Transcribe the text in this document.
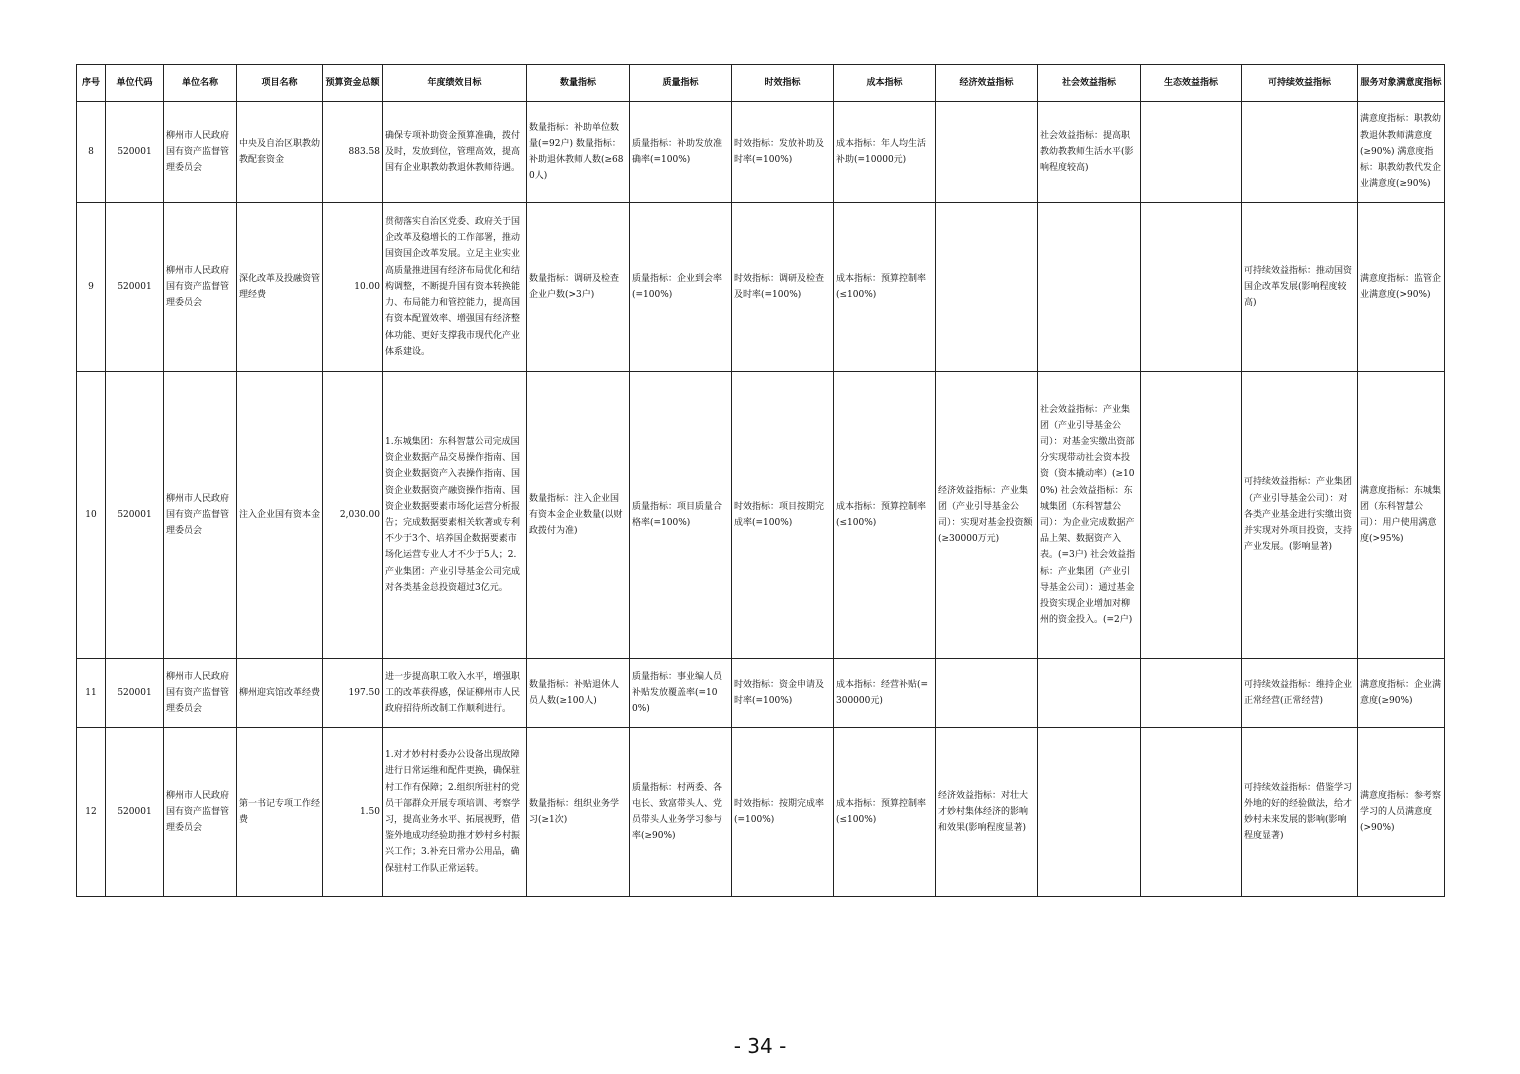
序号	单位代码	单位名称	项目名称	预算资金总额	年度绩效目标	数量指标	质量指标	时效指标	成本指标	经济效益指标	社会效益指标	生态效益指标	可持续效益指标	服务对象满意度指标
8	520001	柳州市人民政府国有资产监督管理委员会	中央及自治区职教幼教配套资金	883.58	确保专项补助资金预算准确，拨付及时，发放到位，管理高效，提高国有企业职教幼教退休教师待遇。	数量指标：补助单位数量(=92户) 数量指标：补助退休教师人数(≥680人)	质量指标：补助发放准确率(=100%)	时效指标：发放补助及时率(=100%)	成本指标：年人均生活补助(=10000元)		社会效益指标：提高职教幼教教师生活水平(影响程度较高)			满意度指标：职教幼教退休教师满意度(≥90%) 满意度指标：职教幼教代发企业满意度(≥90%)
9	520001	柳州市人民政府国有资产监督管理委员会	深化改革及投融资管理经费	10.00	贯彻落实自治区党委、政府关于国企改革及稳增长的工作部署，推动国资国企改革发展。立足主业实业高质量推进国有经济布局优化和结构调整，不断提升国有资本转换能力、布局能力和管控能力，提高国有资本配置效率、增强国有经济整体功能、更好支撑我市现代化产业体系建设。	数量指标：调研及检查企业户数(>3户)	质量指标：企业到会率(=100%)	时效指标：调研及检查及时率(=100%)	成本指标：预算控制率(≤100%)				可持续效益指标：推动国资国企改革发展(影响程度较高)	满意度指标：监管企业满意度(>90%)
10	520001	柳州市人民政府国有资产监督管理委员会	注入企业国有资本金	2,030.00	1.东城集团：东科智慧公司完成国资企业数据产品交易操作指南、国资企业数据资产入表操作指南、国资企业数据资产融资操作指南、国资企业数据要素市场化运营分析报告；完成数据要素相关软著或专利不少于3个、培养国企数据要素市场化运营专业人才不少于5人；2.产业集团：产业引导基金公司完成对各类基金总投资超过3亿元。	数量指标：注入企业国有资本金企业数量(以财政拨付为准)	质量指标：项目质量合格率(=100%)	时效指标：项目按期完成率(=100%)	成本指标：预算控制率(≤100%)	经济效益指标：产业集团（产业引导基金公司）：实现对基金投资额(≥30000万元)	社会效益指标：产业集团（产业引导基金公司）：对基金实缴出资部分实现带动社会资本投资（资本撬动率）(≥100%) 社会效益指标：东城集团（东科智慧公司）：为企业完成数据产品上架、数据资产入表。(=3户) 社会效益指标：产业集团（产业引导基金公司）：通过基金投资实现企业增加对柳州的资金投入。(=2户)		可持续效益指标：产业集团（产业引导基金公司）：对各类产业基金进行实缴出资并实现对外项目投资，支持产业发展。(影响显著)	满意度指标：东城集团（东科智慧公司）：用户使用满意度(>95%)
11	520001	柳州市人民政府国有资产监督管理委员会	柳州迎宾馆改革经费	197.50	进一步提高职工收入水平，增强职工的改革获得感，保证柳州市人民政府招待所改制工作顺利进行。	数量指标：补贴退休人员人数(≥100人)	质量指标：事业编人员补贴发放覆盖率(=100%)	时效指标：资金申请及时率(=100%)	成本指标：经营补贴(=300000元)				可持续效益指标：维持企业正常经营(正常经营)	满意度指标：企业满意度(≥90%)
12	520001	柳州市人民政府国有资产监督管理委员会	第一书记专项工作经费	1.50	1.对才妙村村委办公设备出现故障进行日常运维和配件更换，确保驻村工作有保障；2.组织所驻村的党员干部群众开展专项培训、考察学习，提高业务水平、拓展视野，借鉴外地成功经验助推才妙村乡村振兴工作；3.补充日常办公用品，确保驻村工作队正常运转。	数量指标：组织业务学习(≥1次)	质量指标：村两委、各屯长、致富带头人、党员带头人业务学习参与率(≥90%)	时效指标：按期完成率(=100%)	成本指标：预算控制率(≤100%)	经济效益指标：对壮大才妙村集体经济的影响和效果(影响程度显著)			可持续效益指标：借鉴学习外地的好的经验做法，给才妙村未来发展的影响(影响程度显著)	满意度指标：参考察学习的人员满意度(>90%)
- 34 -
